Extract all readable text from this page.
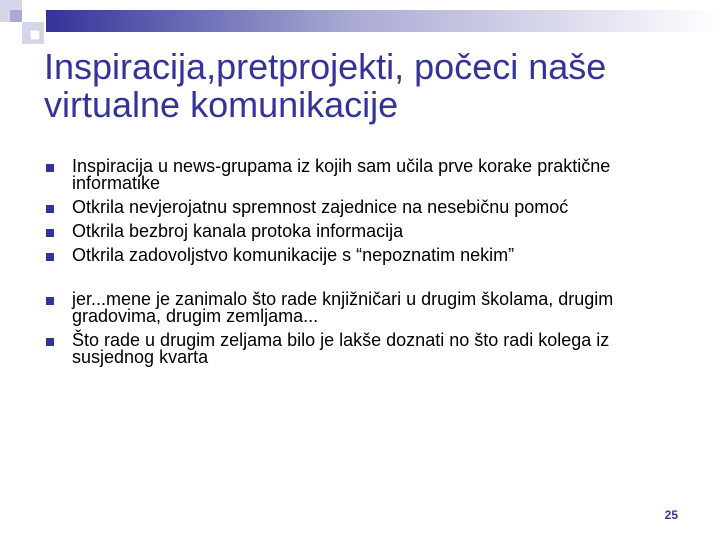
Inspiracija,pretprojekti, počeci naše
virtualne komunikacije
Inspiracija u news-grupama iz kojih sam učila prve korake praktične informatike
Otkrila nevjerojatnu spremnost zajednice na nesebičnu pomoć
Otkrila bezbroj kanala protoka informacija
Otkrila zadovoljstvo komunikacije s “nepoznatim nekim”
jer...mene je zanimalo što rade knjižničari u drugim školama, drugim gradovima, drugim zemljama...
Što rade u drugim zeljama bilo je lakše doznati no što radi kolega iz susjednog kvarta
25
